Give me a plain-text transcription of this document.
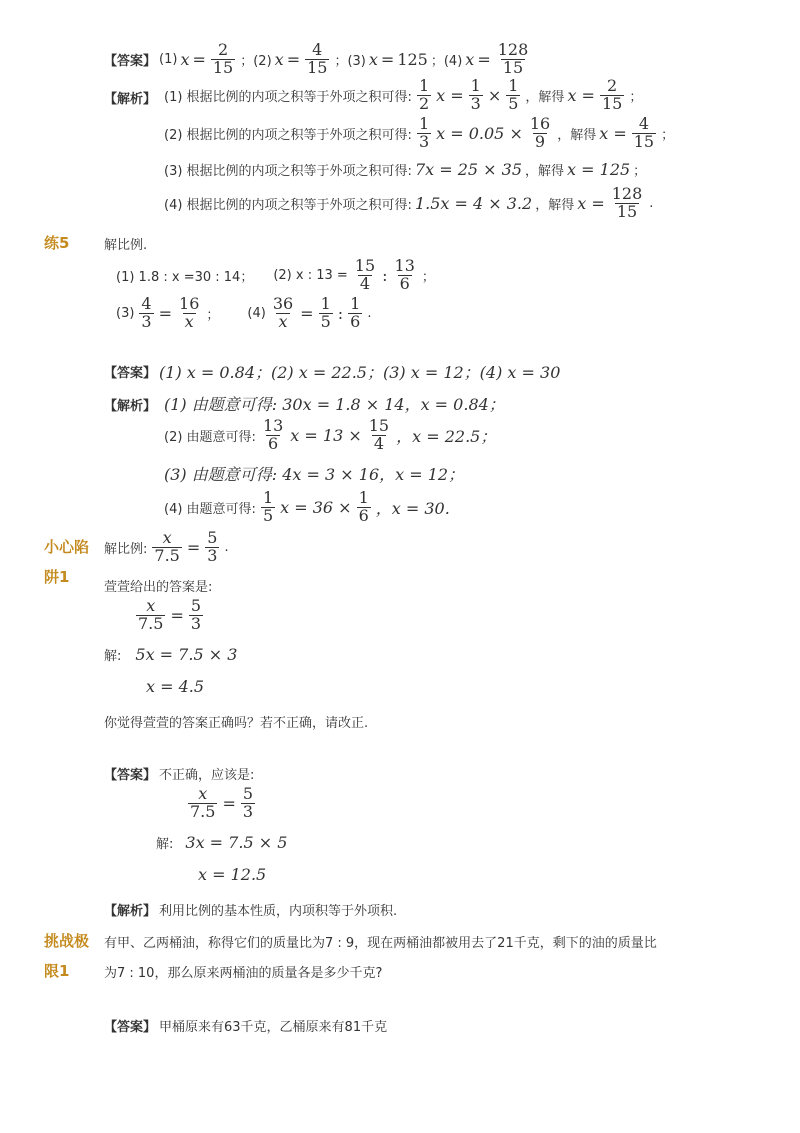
【答案】 (1) $x = \frac{2}{15}$ ；(2) $x = \frac{4}{15}$ ；(3) x = 125 ；(4) $x = \frac{128}{15}$
【解析】 (1) 根据比例的内项之积等于外项之积可得: $\frac{1}{2}$ $x = \frac{1}{3} \times \frac{1}{5}$ ，解得 $x = \frac{2}{15}$ ；
(2) 根据比例的内项之积等于外项之积可得: $\frac{1}{3}$ $x = 0.05 \times \frac{16}{9}$ ，解得 $x = \frac{4}{15}$ ；
(3) 根据比例的内项之积等于外项之积可得: 7x = 25 × 35 ，解得 x = 125 ；
(4) 根据比例的内项之积等于外项之积可得: 1.5x = 4 × 3.2 ，解得 $x = \frac{128}{15}$ .
练5	解比例.
(1) 1.8 : x =30 : 14； (2) x : $13 = \frac{15}{4}$ : $\frac{13}{6}$ ；
$(3) \frac{4}{3} = \frac{16}{x}$ ； $(4) \frac{36}{x} = \frac{1}{5}$ : $\frac{1}{6}$ .
【答案】 (1) x = 0.84；(2) x = 22.5；(3) x = 12；(4) x = 30
【解析】 (1) 由题意可得: 30x = 1.8 × 14，x = 0.84；
(2) 由题意可得: $\frac{13}{6}$ $x = 13 \times \frac{15}{4}$ ，x = 22.5；
(3) 由题意可得: 4x = 3 × 16，x = 12；
(4) 由题意可得: $\frac{1}{5}$ $x = 36 \times \frac{1}{6}$ ，x = 30.
小心陷
阱1
解比例: $\frac{x}{7.5} = \frac{5}{3}$ .
萱萱给出的答案是:
$\frac{x}{7.5} = \frac{5}{3}$
解: 5x = 7.5 × 3
x = 4.5
你觉得萱萱的答案正确吗？若不正确，请改正.
【答案】 不正确，应该是:
$\frac{x}{7.5} = \frac{5}{3}$
解: 3x = 7.5 × 5
x = 12.5
【解析】 利用比例的基本性质，内项积等于外项积.
挑战极
限1
有甲、乙两桶油，称得它们的质量比为7 : 9，现在两桶油都被用去了21千克，剩下的油的质量比
为7 : 10，那么原来两桶油的质量各是多少千克?
【答案】 甲桶原来有63千克，乙桶原来有81千克
